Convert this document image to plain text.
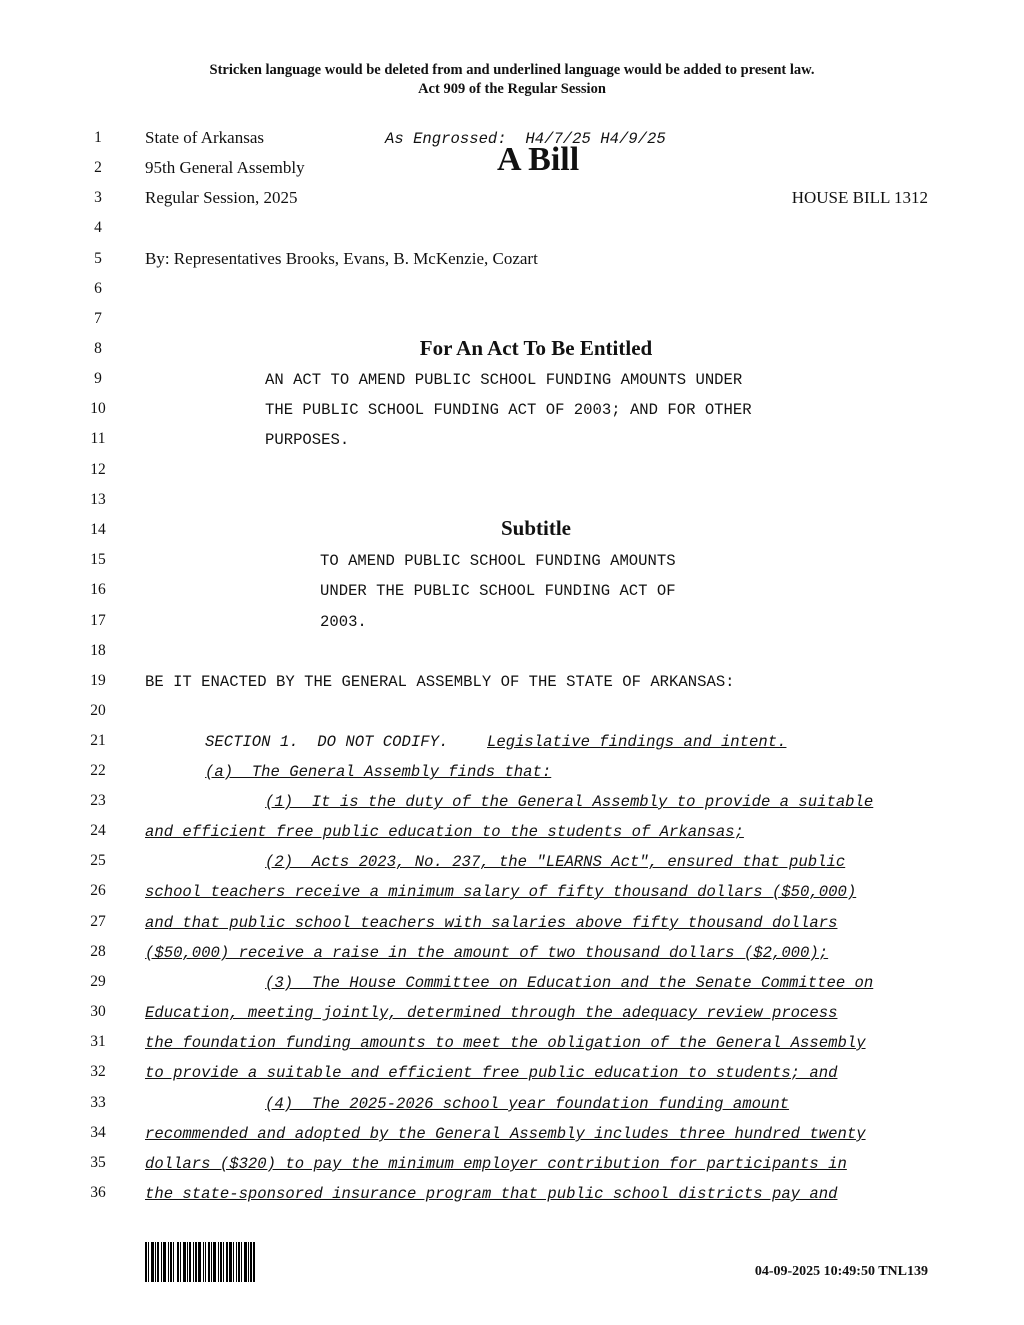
Stricken language would be deleted from and underlined language would be added to present law.
Act 909 of the Regular Session
1
2
3
4
5
6
7
8
9
10
11
12
13
14
15
16
17
18
19
20
21
22
23
24
25
26
27
28
29
30
31
32
33
34
35
36
State of Arkansas	As Engrossed:  H4/7/25 H4/9/25
95th General Assembly	A Bill
Regular Session, 2025	HOUSE BILL 1312
By: Representatives Brooks, Evans, B. McKenzie, Cozart
For An Act To Be Entitled
AN ACT TO AMEND PUBLIC SCHOOL FUNDING AMOUNTS UNDER
THE PUBLIC SCHOOL FUNDING ACT OF 2003; AND FOR OTHER
PURPOSES.
Subtitle
TO AMEND PUBLIC SCHOOL FUNDING AMOUNTS
UNDER THE PUBLIC SCHOOL FUNDING ACT OF
2003.
BE IT ENACTED BY THE GENERAL ASSEMBLY OF THE STATE OF ARKANSAS:
SECTION 1.  DO NOT CODIFY. Legislative findings and intent.
(a)  The General Assembly finds that:
(1)  It is the duty of the General Assembly to provide a suitable
and efficient free public education to the students of Arkansas;
(2)  Acts 2023, No. 237, the "LEARNS Act", ensured that public
school teachers receive a minimum salary of fifty thousand dollars ($50,000)
and that public school teachers with salaries above fifty thousand dollars
($50,000) receive a raise in the amount of two thousand dollars ($2,000);
(3)  The House Committee on Education and the Senate Committee on
Education, meeting jointly, determined through the adequacy review process
the foundation funding amounts to meet the obligation of the General Assembly
to provide a suitable and efficient free public education to students; and
(4)  The 2025-2026 school year foundation funding amount
recommended and adopted by the General Assembly includes three hundred twenty
dollars ($320) to pay the minimum employer contribution for participants in
the state-sponsored insurance program that public school districts pay and
04-09-2025 10:49:50 TNL139
